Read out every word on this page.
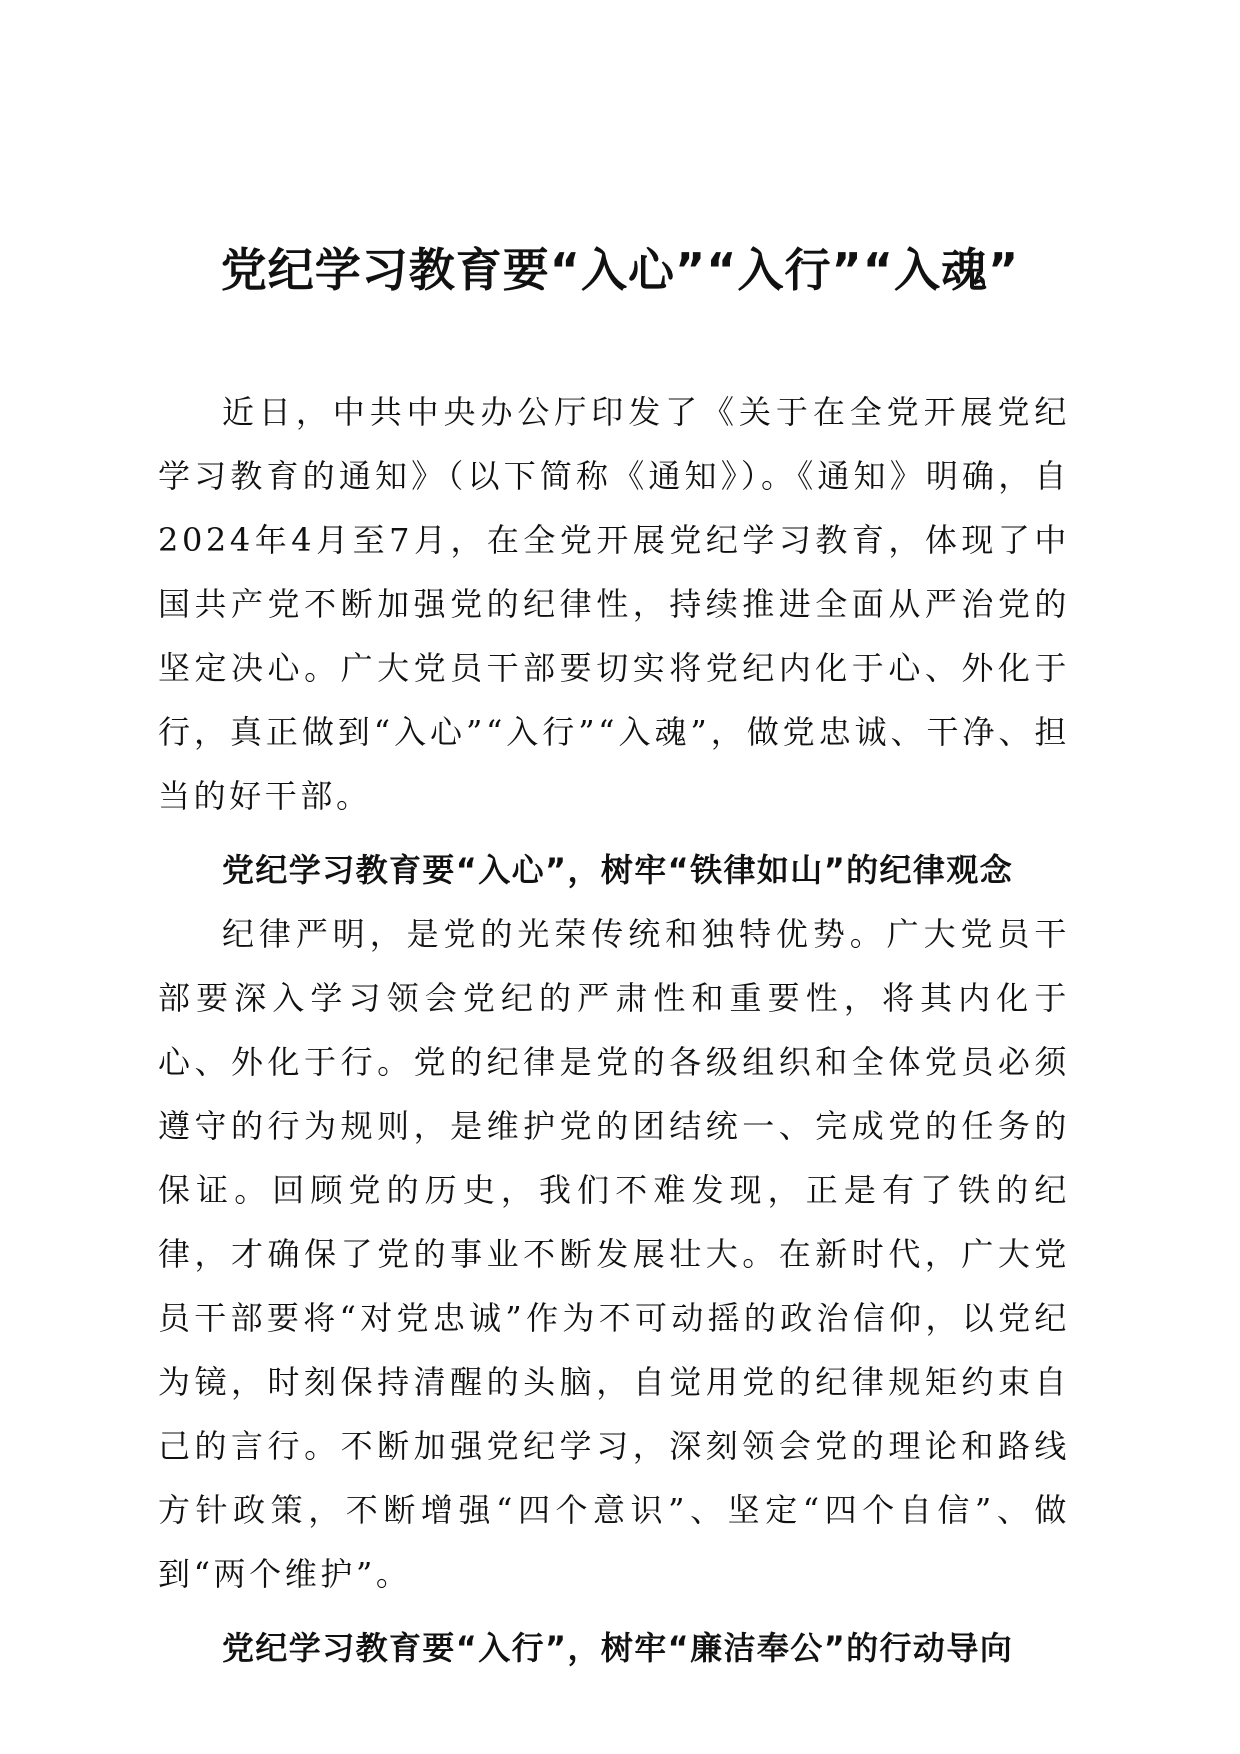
党纪学习教育要“入心”“入行”“入魂”

近日，中共中央办公厅印发了《关于在全党开展党纪学习教育的通知》（以下简称《通知》）。《通知》明确，自2024年4月至7月，在全党开展党纪学习教育，体现了中国共产党不断加强党的纪律性，持续推进全面从严治党的坚定决心。广大党员干部要切实将党纪内化于心、外化于行，真正做到“入心”“入行”“入魂”，做党忠诚、干净、担当的好干部。

党纪学习教育要“入心”，树牢“铁律如山”的纪律观念

纪律严明，是党的光荣传统和独特优势。广大党员干部要深入学习领会党纪的严肃性和重要性，将其内化于心、外化于行。党的纪律是党的各级组织和全体党员必须遵守的行为规则，是维护党的团结统一、完成党的任务的保证。回顾党的历史，我们不难发现，正是有了铁的纪律，才确保了党的事业不断发展壮大。在新时代，广大党员干部要将“对党忠诚”作为不可动摇的政治信仰，以党纪为镜，时刻保持清醒的头脑，自觉用党的纪律规矩约束自己的言行。不断加强党纪学习，深刻领会党的理论和路线方针政策，不断增强“四个意识”、坚定“四个自信”、做到“两个维护”。

党纪学习教育要“入行”，树牢“廉洁奉公”的行动导向
